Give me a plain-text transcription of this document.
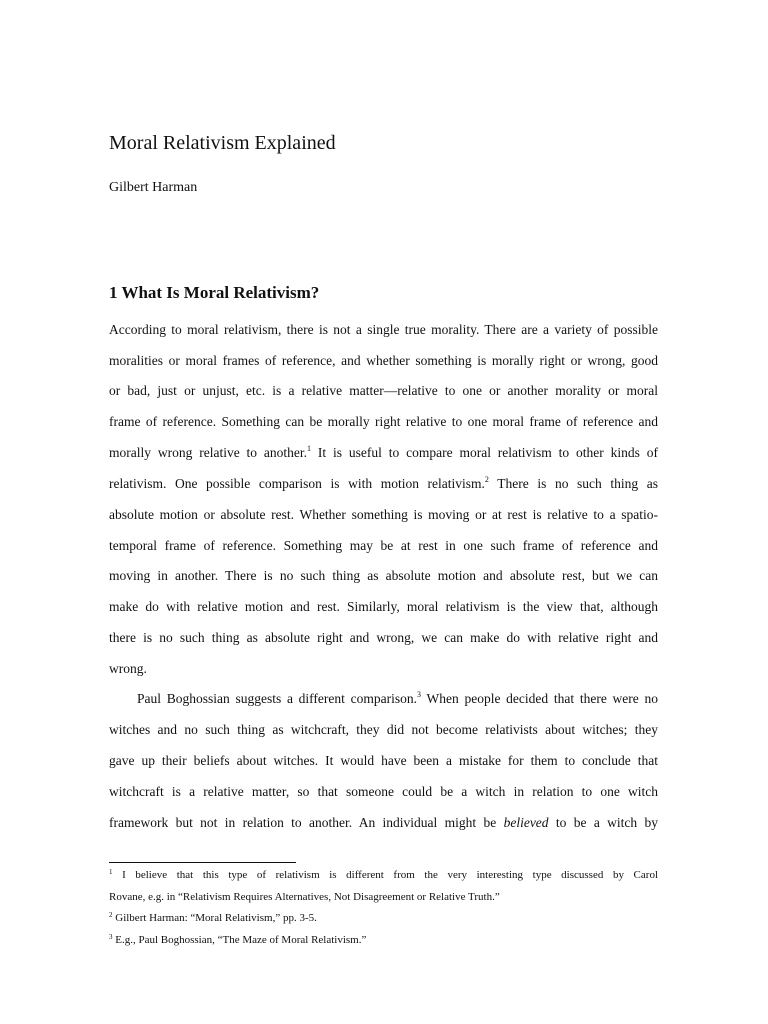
Moral Relativism Explained

Gilbert Harman

1 What Is Moral Relativism?

According to moral relativism, there is not a single true morality. There are a variety of possible

moralities or moral frames of reference, and whether something is morally right or wrong, good

or bad, just or unjust, etc. is a relative matter—relative to one or another morality or moral

frame of reference. Something can be morally right relative to one moral frame of reference and

morally wrong relative to another.$^1$ It is useful to compare moral relativism to other kinds of

relativism. One possible comparison is with motion relativism.$^2$ There is no such thing as

absolute motion or absolute rest. Whether something is moving or at rest is relative to a spatio-

temporal frame of reference. Something may be at rest in one such frame of reference and

moving in another. There is no such thing as absolute motion and absolute rest, but we can

make do with relative motion and rest. Similarly, moral relativism is the view that, although

there is no such thing as absolute right and wrong, we can make do with relative right and

wrong.

Paul Boghossian suggests a different comparison.$^3$ When people decided that there were no

witches and no such thing as witchcraft, they did not become relativists about witches; they

gave up their beliefs about witches. It would have been a mistake for them to conclude that

witchcraft is a relative matter, so that someone could be a witch in relation to one witch

framework but not in relation to another. An individual might be believed to be a witch by

$^1$ I believe that this type of relativism is different from the very interesting type discussed by Carol

Rovane, e.g. in “Relativism Requires Alternatives, Not Disagreement or Relative Truth.”

$^2$ Gilbert Harman: “Moral Relativism,” pp. 3-5.

$^3$ E.g., Paul Boghossian, “The Maze of Moral Relativism.”
